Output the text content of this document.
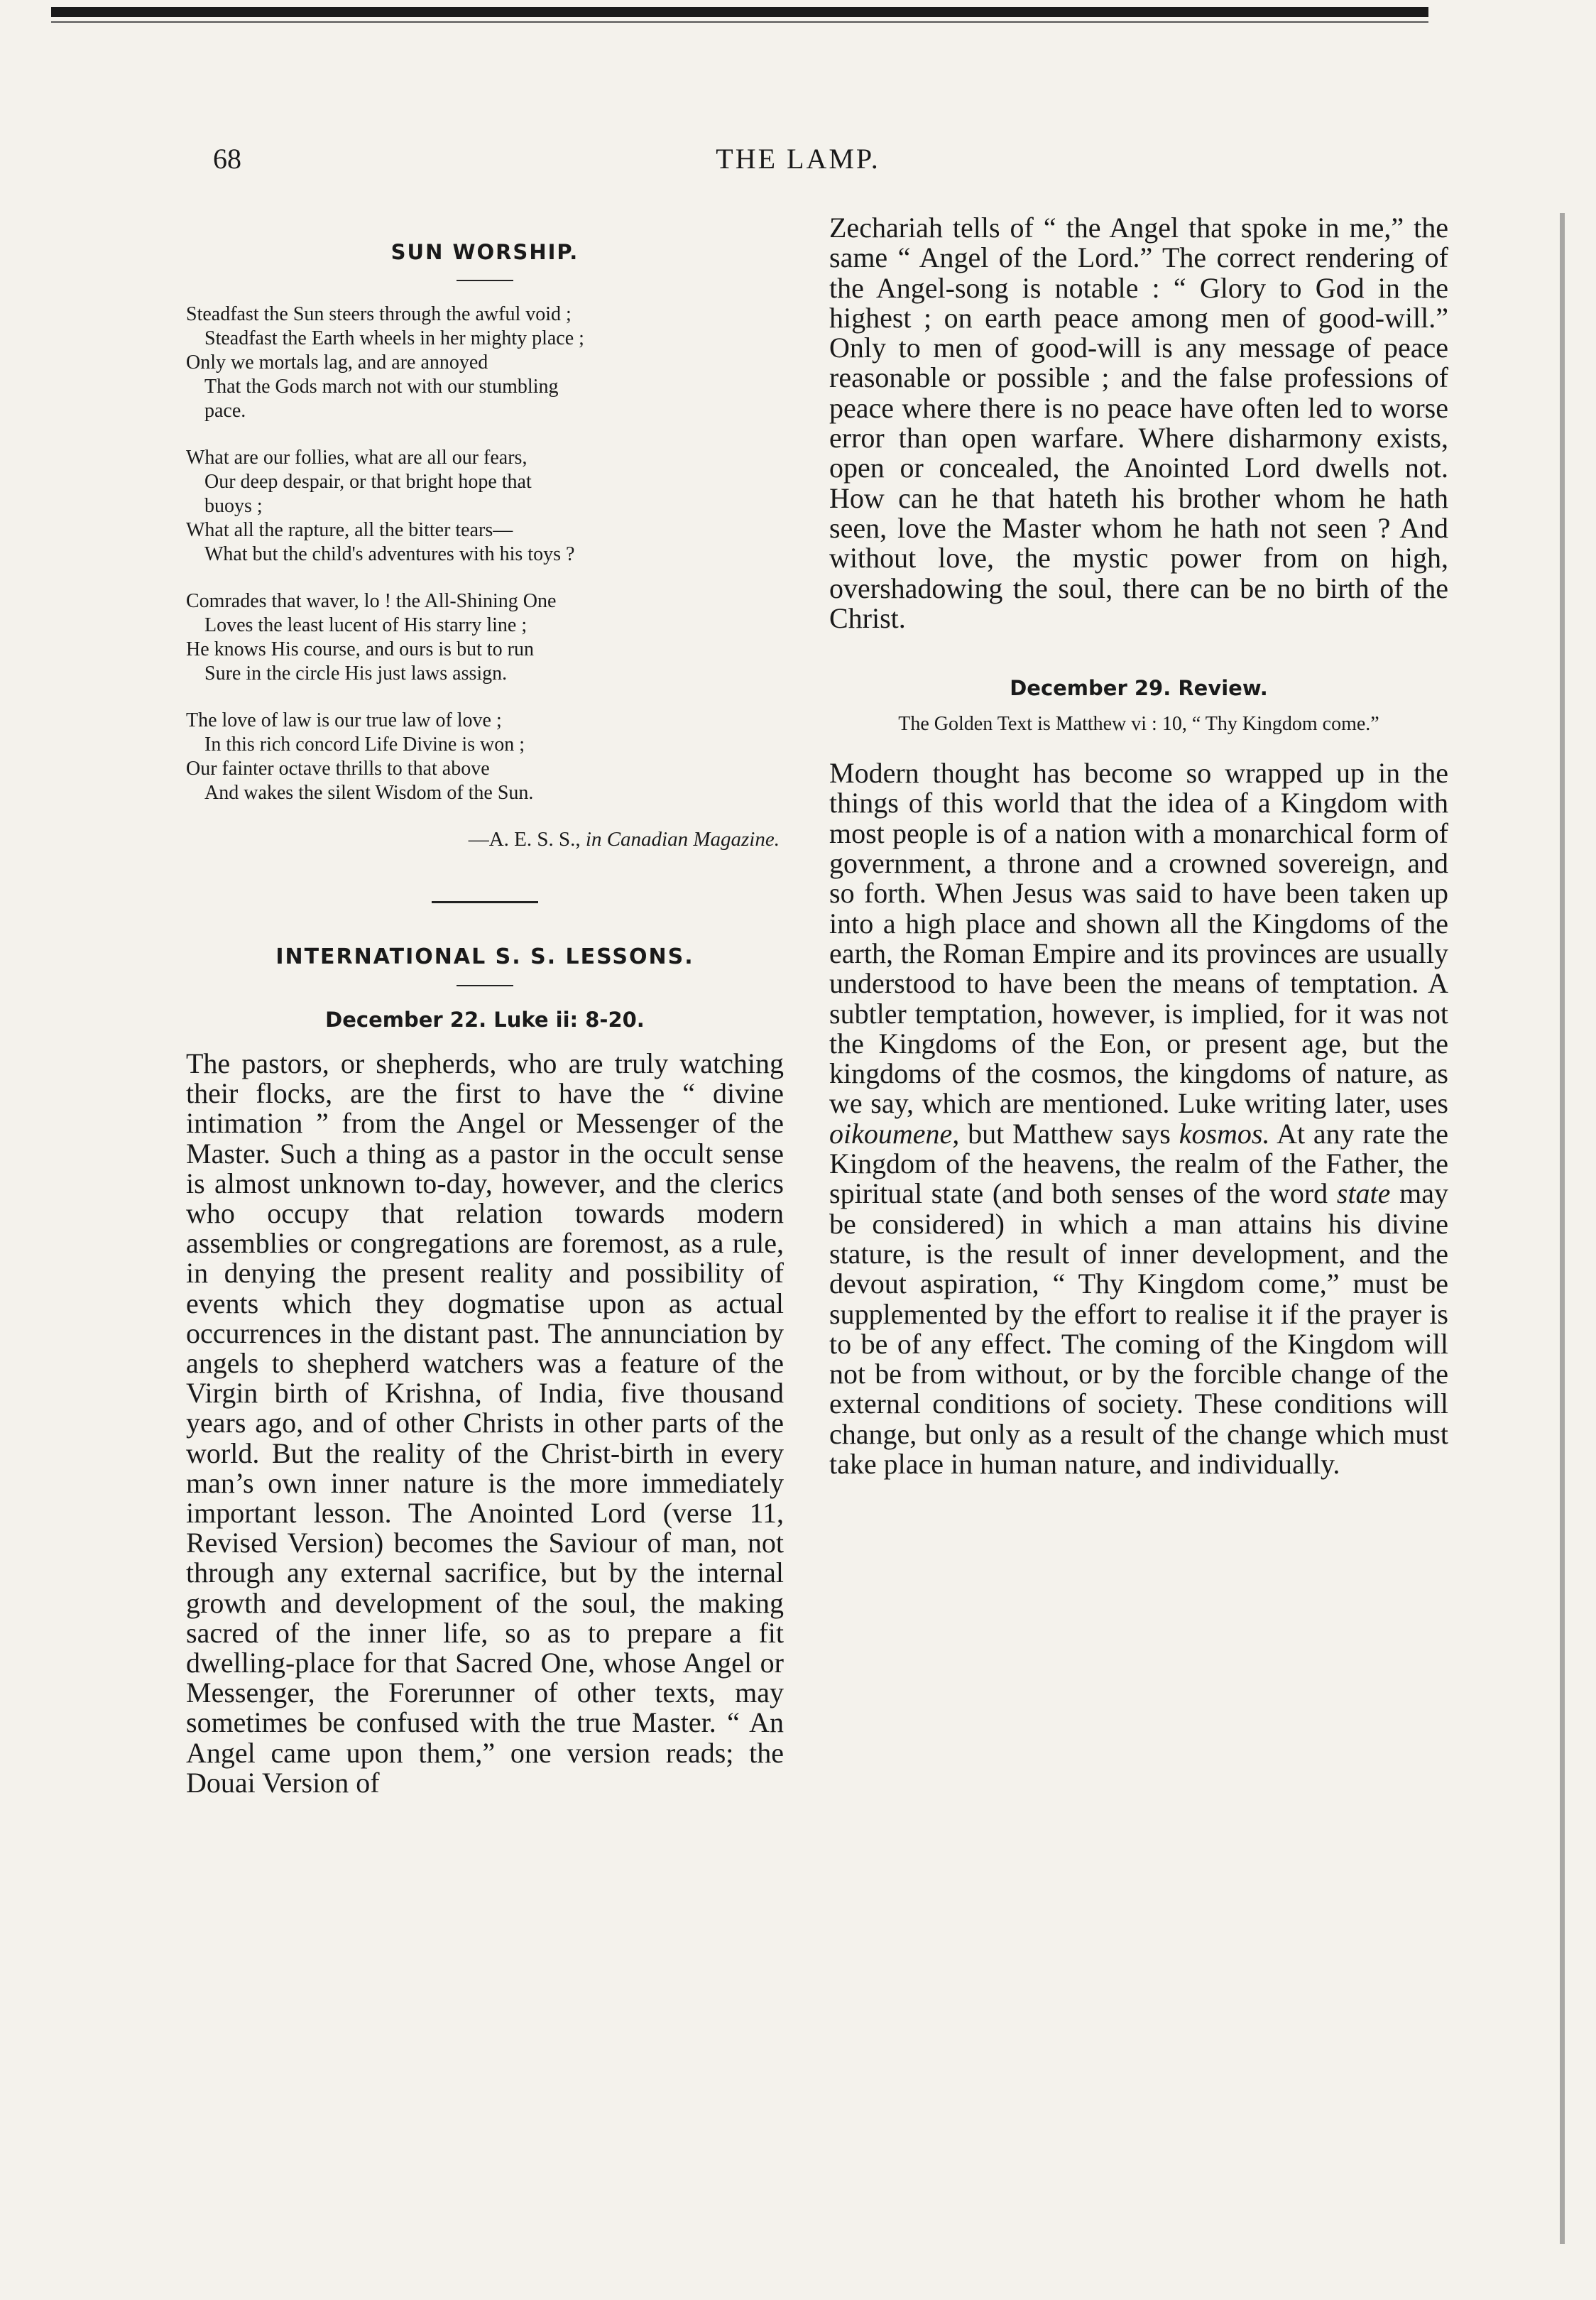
68	THE LAMP.
SUN WORSHIP.
Steadfast the Sun steers through the awful void ;
Steadfast the Earth wheels in her mighty place ;
Only we mortals lag, and are annoyed
That the Gods march not with our stumbling
pace.
What are our follies, what are all our fears,
Our deep despair, or that bright hope that
buoys ;
What all the rapture, all the bitter tears—
What but the child's adventures with his toys ?
Comrades that waver, lo ! the All-Shining One
Loves the least lucent of His starry line ;
He knows His course, and ours is but to run
Sure in the circle His just laws assign.
The love of law is our true law of love ;
In this rich concord Life Divine is won ;
Our fainter octave thrills to that above
And wakes the silent Wisdom of the Sun.
—A. E. S. S., in Canadian Magazine.
INTERNATIONAL S. S. LESSONS.
December 22. Luke ii: 8-20.

The pastors, or shepherds, who are truly watching their flocks, are the first to have the “ divine intimation ” from the Angel or Messenger of the Master. Such a thing as a pastor in the occult sense is almost unknown to-day, however, and the clerics who occupy that relation towards modern assemblies or congregations are foremost, as a rule, in denying the present reality and possibility of events which they dogmatise upon as actual occurrences in the distant past. The annunciation by angels to shepherd watchers was a feature of the Virgin birth of Krishna, of India, five thousand years ago, and of other Christs in other parts of the world. But the reality of the Christ-birth in every man’s own inner nature is the more immediately important lesson. The Anointed Lord (verse 11, Revised Version) becomes the Saviour of man, not through any external sacrifice, but by the internal growth and development of the soul, the making sacred of the inner life, so as to prepare a fit dwelling-place for that Sacred One, whose Angel or Messenger, the Forerunner of other texts, may sometimes be confused with the true Master. “ An Angel came upon them,” one version reads; the Douai Version of

Zechariah tells of “ the Angel that spoke in me,” the same “ Angel of the Lord.” The correct rendering of the Angel-song is notable : “ Glory to God in the highest ; on earth peace among men of good-will.” Only to men of good-will is any message of peace reasonable or possible ; and the false professions of peace where there is no peace have often led to worse error than open warfare. Where disharmony exists, open or concealed, the Anointed Lord dwells not. How can he that hateth his brother whom he hath seen, love the Master whom he hath not seen ? And without love, the mystic power from on high, overshadowing the soul, there can be no birth of the Christ.

December 29. Review.
The Golden Text is Matthew vi : 10, “ Thy Kingdom come.”

Modern thought has become so wrapped up in the things of this world that the idea of a Kingdom with most people is of a nation with a monarchical form of government, a throne and a crowned sovereign, and so forth. When Jesus was said to have been taken up into a high place and shown all the Kingdoms of the earth, the Roman Empire and its provinces are usually understood to have been the means of temptation. A subtler temptation, however, is implied, for it was not the Kingdoms of the Eon, or present age, but the kingdoms of the cosmos, the kingdoms of nature, as we say, which are mentioned. Luke writing later, uses oikoumene, but Matthew says kosmos. At any rate the Kingdom of the heavens, the realm of the Father, the spiritual state (and both senses of the word state may be considered) in which a man attains his divine stature, is the result of inner development, and the devout aspiration, “ Thy Kingdom come,” must be supplemented by the effort to realise it if the prayer is to be of any effect. The coming of the Kingdom will not be from without, or by the forcible change of the external conditions of society. These conditions will change, but only as a result of the change which must take place in human nature, and individually.
